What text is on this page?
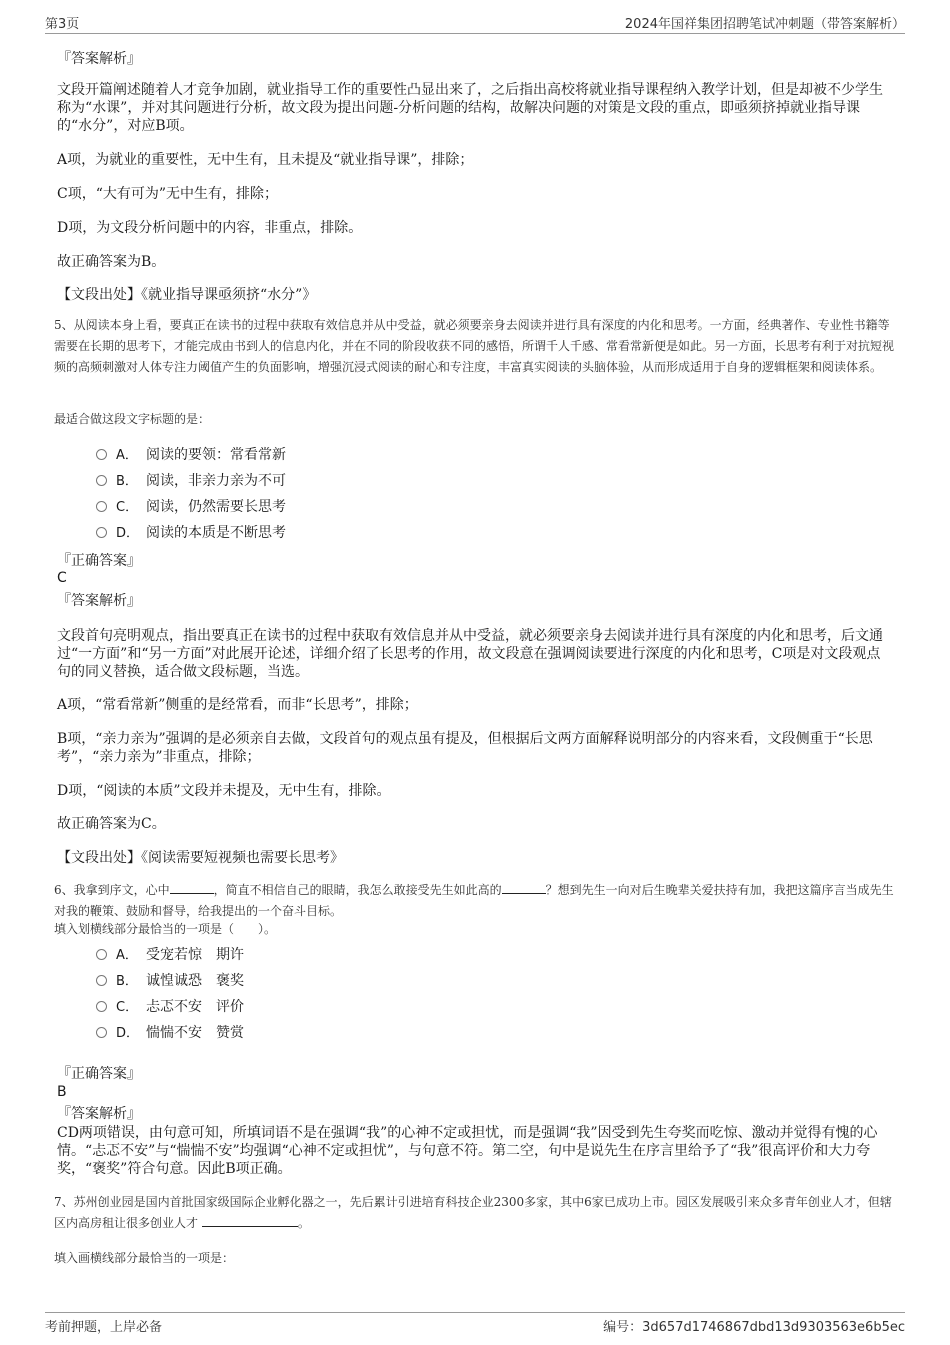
第3页	2024年国祥集团招聘笔试冲刺题（带答案解析）
『答案解析』
文段开篇阐述随着人才竞争加剧，就业指导工作的重要性凸显出来了，之后指出高校将就业指导课程纳入教学计划，但是却被不少学生称为“水课”，并对其问题进行分析，故文段为提出问题-分析问题的结构，故解决问题的对策是文段的重点，即亟须挤掉就业指导课的“水分”，对应B项。
A项，为就业的重要性，无中生有，且未提及“就业指导课”，排除；
C项，“大有可为”无中生有，排除；
D项，为文段分析问题中的内容，非重点，排除。
故正确答案为B。
【文段出处】《就业指导课亟须挤“水分”》
5、从阅读本身上看，要真正在读书的过程中获取有效信息并从中受益，就必须要亲身去阅读并进行具有深度的内化和思考。一方面，经典著作、专业性书籍等需要在长期的思考下，才能完成由书到人的信息内化，并在不同的阶段收获不同的感悟，所谓千人千感、常看常新便是如此。另一方面，长思考有利于对抗短视频的高频刺激对人体专注力阈值产生的负面影响，增强沉浸式阅读的耐心和专注度，丰富真实阅读的头脑体验，从而形成适用于自身的逻辑框架和阅读体系。
最适合做这段文字标题的是：
A． 阅读的要领：常看常新
B． 阅读，非亲力亲为不可
C． 阅读，仍然需要长思考
D． 阅读的本质是不断思考
『正确答案』
C
『答案解析』
文段首句亮明观点，指出要真正在读书的过程中获取有效信息并从中受益，就必须要亲身去阅读并进行具有深度的内化和思考，后文通过“一方面”和“另一方面”对此展开论述，详细介绍了长思考的作用，故文段意在强调阅读要进行深度的内化和思考，C项是对文段观点句的同义替换，适合做文段标题，当选。
A项，“常看常新”侧重的是经常看，而非“长思考”，排除；
B项，“亲力亲为”强调的是必须亲自去做，文段首句的观点虽有提及，但根据后文两方面解释说明部分的内容来看，文段侧重于“长思考”，“亲力亲为”非重点，排除；
D项，“阅读的本质”文段并未提及，无中生有，排除。
故正确答案为C。
【文段出处】《阅读需要短视频也需要长思考》
6、我拿到序文，心中	，简直不相信自己的眼睛，我怎么敢接受先生如此高的	？想到先生一向对后生晚辈关爱扶持有加，我把这篇序言当成先生对我的鞭策、鼓励和督导，给我提出的一个奋斗目标。
填入划横线部分最恰当的一项是（　　）。
A． 受宠若惊 期许
B． 诚惶诚恐 褒奖
C． 忐忑不安 评价
D． 惴惴不安 赞赏
『正确答案』
B
『答案解析』
CD两项错误，由句意可知，所填词语不是在强调“我”的心神不定或担忧，而是强调“我”因受到先生夸奖而吃惊、激动并觉得有愧的心情。“忐忑不安”与“惴惴不安”均强调“心神不定或担忧”，与句意不符。第二空，句中是说先生在序言里给予了“我”很高评价和大力夸奖，“褒奖”符合句意。因此B项正确。
7、苏州创业园是国内首批国家级国际企业孵化器之一，先后累计引进培育科技企业2300多家，其中6家已成功上市。园区发展吸引来众多青年创业人才，但辖区内高房租让很多创业人才	。
填入画横线部分最恰当的一项是：
考前押题，上岸必备	编号：3d657d1746867dbd13d9303563e6b5ec
